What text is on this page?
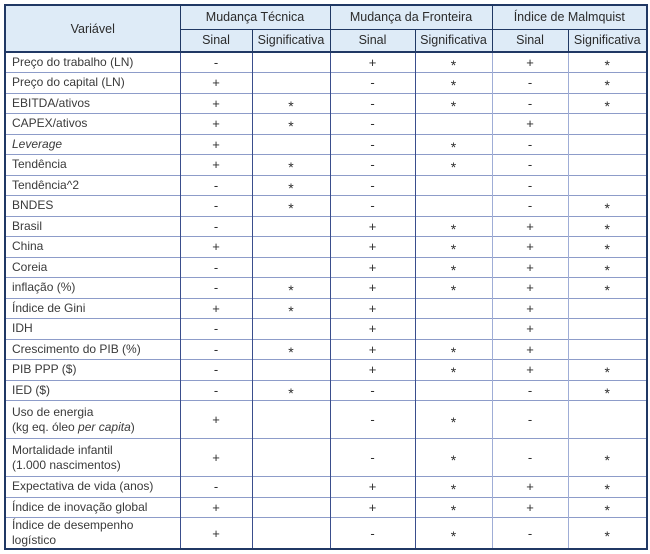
Variável	Mudança Técnica		Mudança da Fronteira		Índice de Malmquist	
	Sinal	Significativa	Sinal	Significativa	Sinal	Significativa
Preço do trabalho (LN)	-		+	*	+	*
Preço do capital (LN)	+		-	*	-	*
EBITDA/ativos	+	*	-	*	-	*
CAPEX/ativos	+	*	-		+	
Leverage	+		-	*	-	
Tendência	+	*	-	*	-	
Tendência^2	-	*	-		-	
BNDES	-	*	-		-	*
Brasil	-		+	*	+	*
China	+		+	*	+	*
Coreia	-		+	*	+	*
inflação (%)	-	*	+	*	+	*
Índice de Gini	+	*	+		+	
IDH	-		+		+	
Crescimento do PIB (%)	-	*	+	*	+	
PIB PPP ($)	-		+	*	+	*
IED ($)	-	*	-		-	*
Uso de energia
(kg eq. óleo per capita)	+		-	*	-	
Mortalidade infantil
(1.000 nascimentos)	+		-	*	-	*
Expectativa de vida (anos)	-		+	*	+	*
Índice de inovação global	+		+	*	+	*
Índice de desempenho logístico	+		-	*	-	*
